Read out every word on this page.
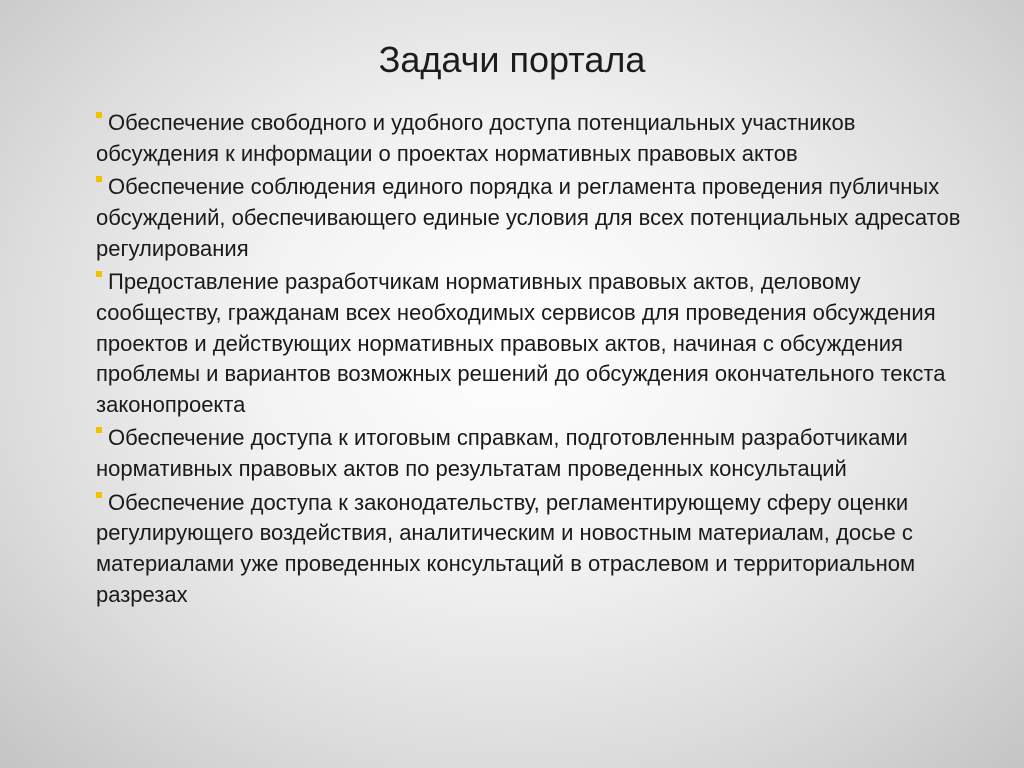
Задачи портала
Обеспечение свободного и удобного доступа потенциальных участников обсуждения к информации о проектах нормативных правовых актов
Обеспечение соблюдения единого порядка и регламента проведения публичных обсуждений, обеспечивающего единые условия для всех потенциальных адресатов регулирования
Предоставление разработчикам нормативных правовых актов, деловому сообществу, гражданам всех необходимых сервисов для проведения обсуждения проектов и действующих нормативных правовых актов, начиная с обсуждения проблемы и вариантов возможных решений до обсуждения окончательного текста законопроекта
Обеспечение доступа к итоговым справкам, подготовленным разработчиками нормативных правовых актов по результатам проведенных консультаций
Обеспечение доступа к законодательству, регламентирующему сферу оценки регулирующего воздействия, аналитическим и новостным материалам, досье с материалами уже проведенных консультаций в отраслевом и территориальном разрезах
